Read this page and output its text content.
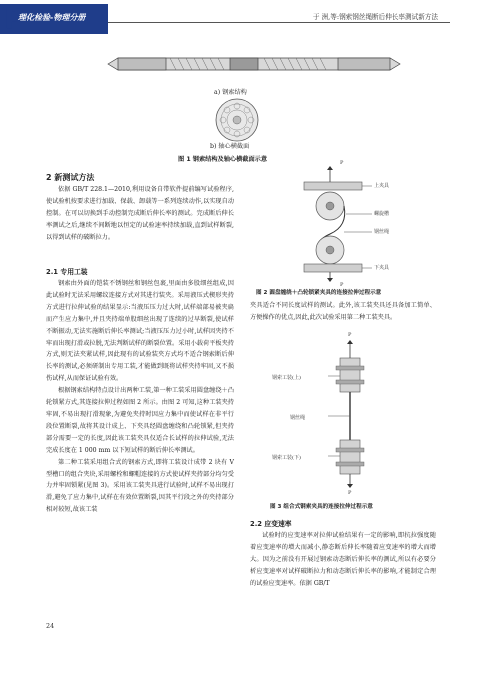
P
理化检验-物理分册	于 洲,等:钢索钢丝绳断后伸长率测试新方法
a) 钢索结构
b) 轴心横截面
图 1 钢索结构及轴心横截面示意
2 新测试方法

依据 GB/T 228.1—2010,利用设备自带软件提前编写试验程序,使试验机按要求进行加载、保载、卸载等一系列连续动作,以实现自动控制。在可以切换到手动控制完成断后伸长率的测试。完成断后伸长率测试之后,继续不间断地以恒定的试验速率持续加载,直到试样断裂,以得到试样的破断拉力。

2.1 专用工装

钢索由外面的铠装不锈钢丝和钢丝包裹,里面由多股细丝组成,因此试验时无法采用螺纹连接方式对其进行装夹。采用液压式楔形夹持方式进行拉伸试验的结果显示:当液压压力过大时,试样端部易被夹扁而产生应力集中,并且夹持端单股细丝出现了连续的过早断裂,使试样不断振动,无法实施断后伸长率测试;当液压压力过小时,试样因夹持不牢而出现打滑或拉脱,无法判断试样的断裂位置。采用小载荷平板夹持方式,则无法夹紧试样,因此现有的试验装夹方式均不适合钢索断后伸长率的测试,必须研制出专用工装,才能做到既将试样夹持牢固,又不损伤试样,从而保证试验有效。

根据钢索结构特点设计出两种工装,第一种工装采用圆盘缠绕＋凸轮锁紧方式,其连接拉伸过程如图 2 所示。由图 2 可知,这种工装夹持牢固,不易出现打滑现象,为避免夹持时因应力集中而使试样在非平行段位置断裂,故将其设计成上、下夹具经圆盘缠绕和凸轮锁紧,但夹持部分需要一定的长度,因此该工装夹具仅适合长试样的拉伸试验,无法完成长度在 1 000 mm 以下短试样的断后伸长率测试。

第二种工装采用组合式的钢索方式,即将工装设计成带 2 块有 V 型槽口的组合夹块,采用螺栓和螺帽连接的方式使试样夹持部分均匀受力并牢固锁紧(见图 3)。采用该工装夹具进行试验时,试样不易出现打滑,避免了应力集中,试样在有效位置断裂,因其平行段之外的夹持部分相对较短,故该工装

P
上夹具
螺旋槽
钢丝绳
下夹具
P
图 2 圆盘缠绕＋凸轮锁紧夹具的连接拉伸过程示意

夹具适合不同长度试样的测试。此外,该工装夹具还具备加工简单、方便操作的优点,因此,此次试验采用第二种工装夹具。

P
钢索工装(上)
钢丝绳
钢索工装(下)
P
图 3 组合式钢索夹具的连接拉伸过程示意
2.2 应变速率

试验时的应变速率对拉伸试验结果有一定的影响,即抗拉强度随着应变速率的增大而减小,静态断后伸长率随着应变速率的增大而增大。因为之前没有开展过钢索动态断后伸长率的测试,所以有必要分析应变速率对试样破断拉力和动态断后伸长率的影响,才能制定合理的试验应变速率。依据 GB/T

24
